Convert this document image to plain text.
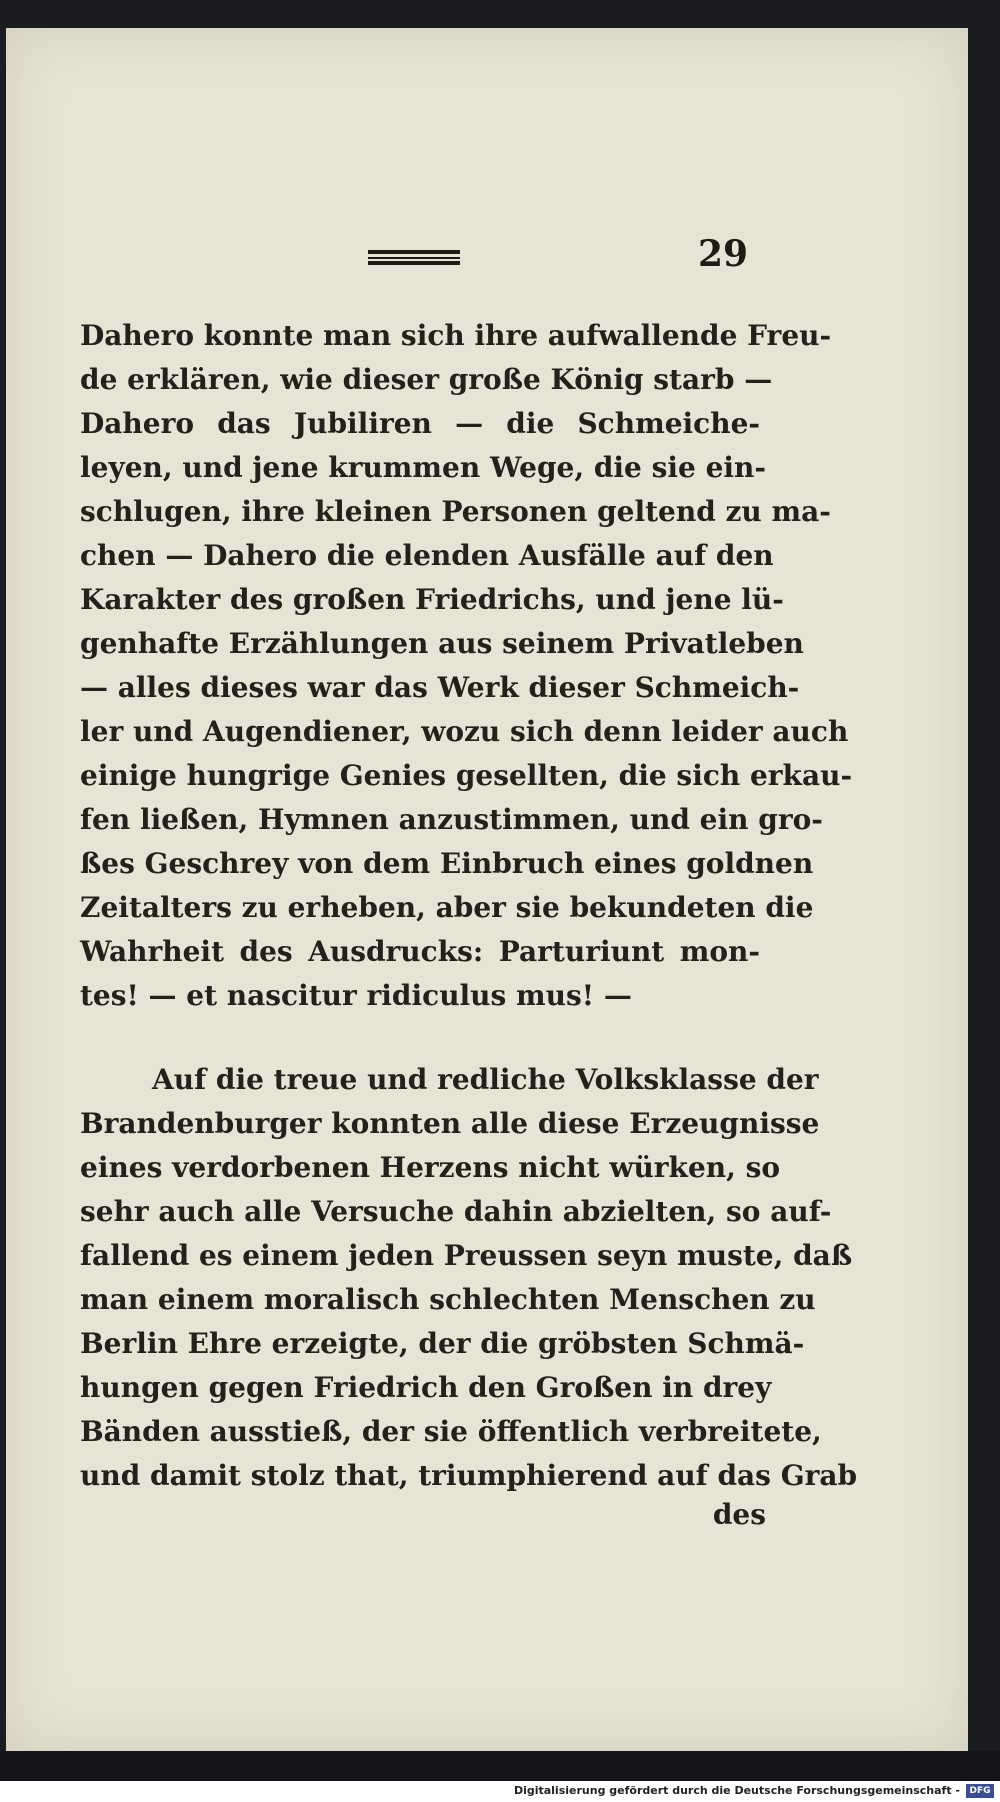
29
Dahero konnte man sich ihre aufwallende Freu-
de erklären, wie dieser große König starb —
Dahero das Jubiliren — die Schmeiche-
leyen, und jene krummen Wege, die sie ein-
schlugen, ihre kleinen Personen geltend zu ma-
chen — Dahero die elenden Ausfälle auf den
Karakter des großen Friedrichs, und jene lü-
genhafte Erzählungen aus seinem Privatleben
— alles dieses war das Werk dieser Schmeich-
ler und Augendiener, wozu sich denn leider auch
einige hungrige Genies gesellten, die sich erkau-
fen ließen, Hymnen anzustimmen, und ein gro-
ßes Geschrey von dem Einbruch eines goldnen
Zeitalters zu erheben, aber sie bekundeten die
Wahrheit des Ausdrucks: Parturiunt mon-
tes! — et nascitur ridiculus mus! —
Auf die treue und redliche Volksklasse der
Brandenburger konnten alle diese Erzeugnisse
eines verdorbenen Herzens nicht würken, so
sehr auch alle Versuche dahin abzielten, so auf-
fallend es einem jeden Preussen seyn muste, daß
man einem moralisch schlechten Menschen zu
Berlin Ehre erzeigte, der die gröbsten Schmä-
hungen gegen Friedrich den Großen in drey
Bänden ausstieß, der sie öffentlich verbreitete,
und damit stolz that, triumphierend auf das Grab
des
Digitalisierung gefördert durch die Deutsche Forschungsgemeinschaft -	DFG
